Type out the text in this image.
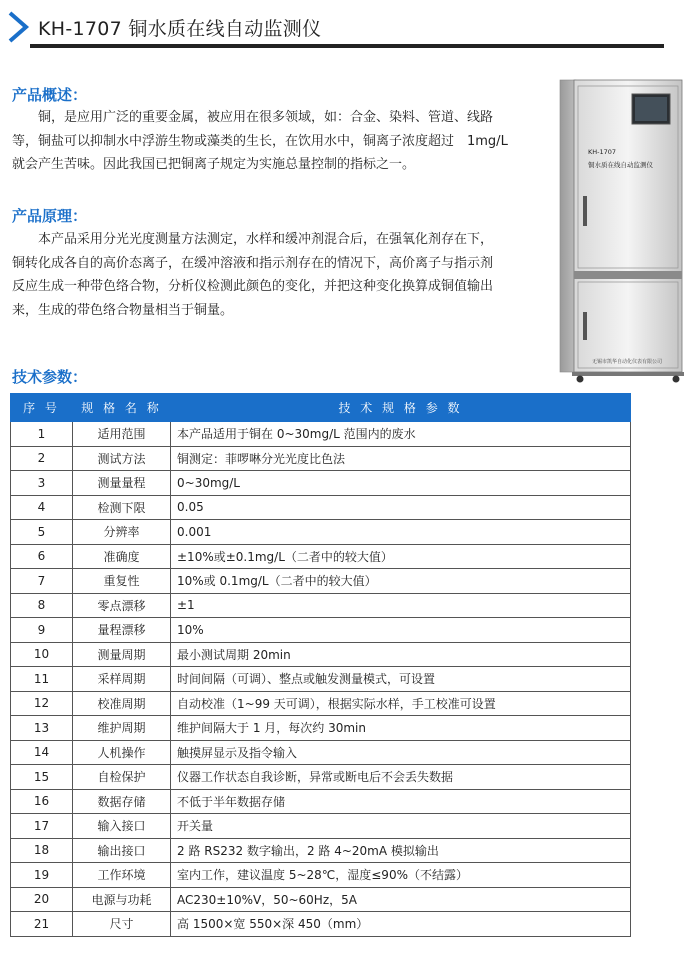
KH-1707 铜水质在线自动监测仪
产品概述：
铜，是应用广泛的重要金属，被应用在很多领域，如：合金、染料、管道、线路
等，铜盐可以抑制水中浮游生物或藻类的生长，在饮用水中，铜离子浓度超过　1mg/L
就会产生苦味。因此我国已把铜离子规定为实施总量控制的指标之一。
产品原理：
本产品采用分光光度测量方法测定，水样和缓冲剂混合后，在强氧化剂存在下，
铜转化成各自的高价态离子，在缓冲溶液和指示剂存在的情况下，高价离子与指示剂
反应生成一种带色络合物，分析仪检测此颜色的变化，并把这种变化换算成铜值输出
来，生成的带色络合物量相当于铜量。
KH-1707
铜水质在线自动监测仪
无锡市凯华自动化仪表有限公司
技术参数：
序 号	规 格 名 称	技 术 规 格 参 数
1	适用范围	本产品适用于铜在 0~30mg/L 范围内的废水
2	测试方法	铜测定：菲啰啉分光光度比色法
3	测量量程	0~30mg/L
4	检测下限	0.05
5	分辨率	0.001
6	准确度	±10%或±0.1mg/L（二者中的较大值）
7	重复性	10%或 0.1mg/L（二者中的较大值）
8	零点漂移	±1
9	量程漂移	10%
10	测量周期	最小测试周期 20min
11	采样周期	时间间隔（可调）、整点或触发测量模式，可设置
12	校准周期	自动校准（1~99 天可调），根据实际水样，手工校准可设置
13	维护周期	维护间隔大于 1 月，每次约 30min
14	人机操作	触摸屏显示及指令输入
15	自检保护	仪器工作状态自我诊断，异常或断电后不会丢失数据
16	数据存储	不低于半年数据存储
17	输入接口	开关量
18	输出接口	2 路 RS232 数字输出，2 路 4~20mA 模拟输出
19	工作环境	室内工作，建议温度 5~28℃，湿度≤90%（不结露）
20	电源与功耗	AC230±10%V，50~60Hz，5A
21	尺寸	高 1500×宽 550×深 450（mm）
